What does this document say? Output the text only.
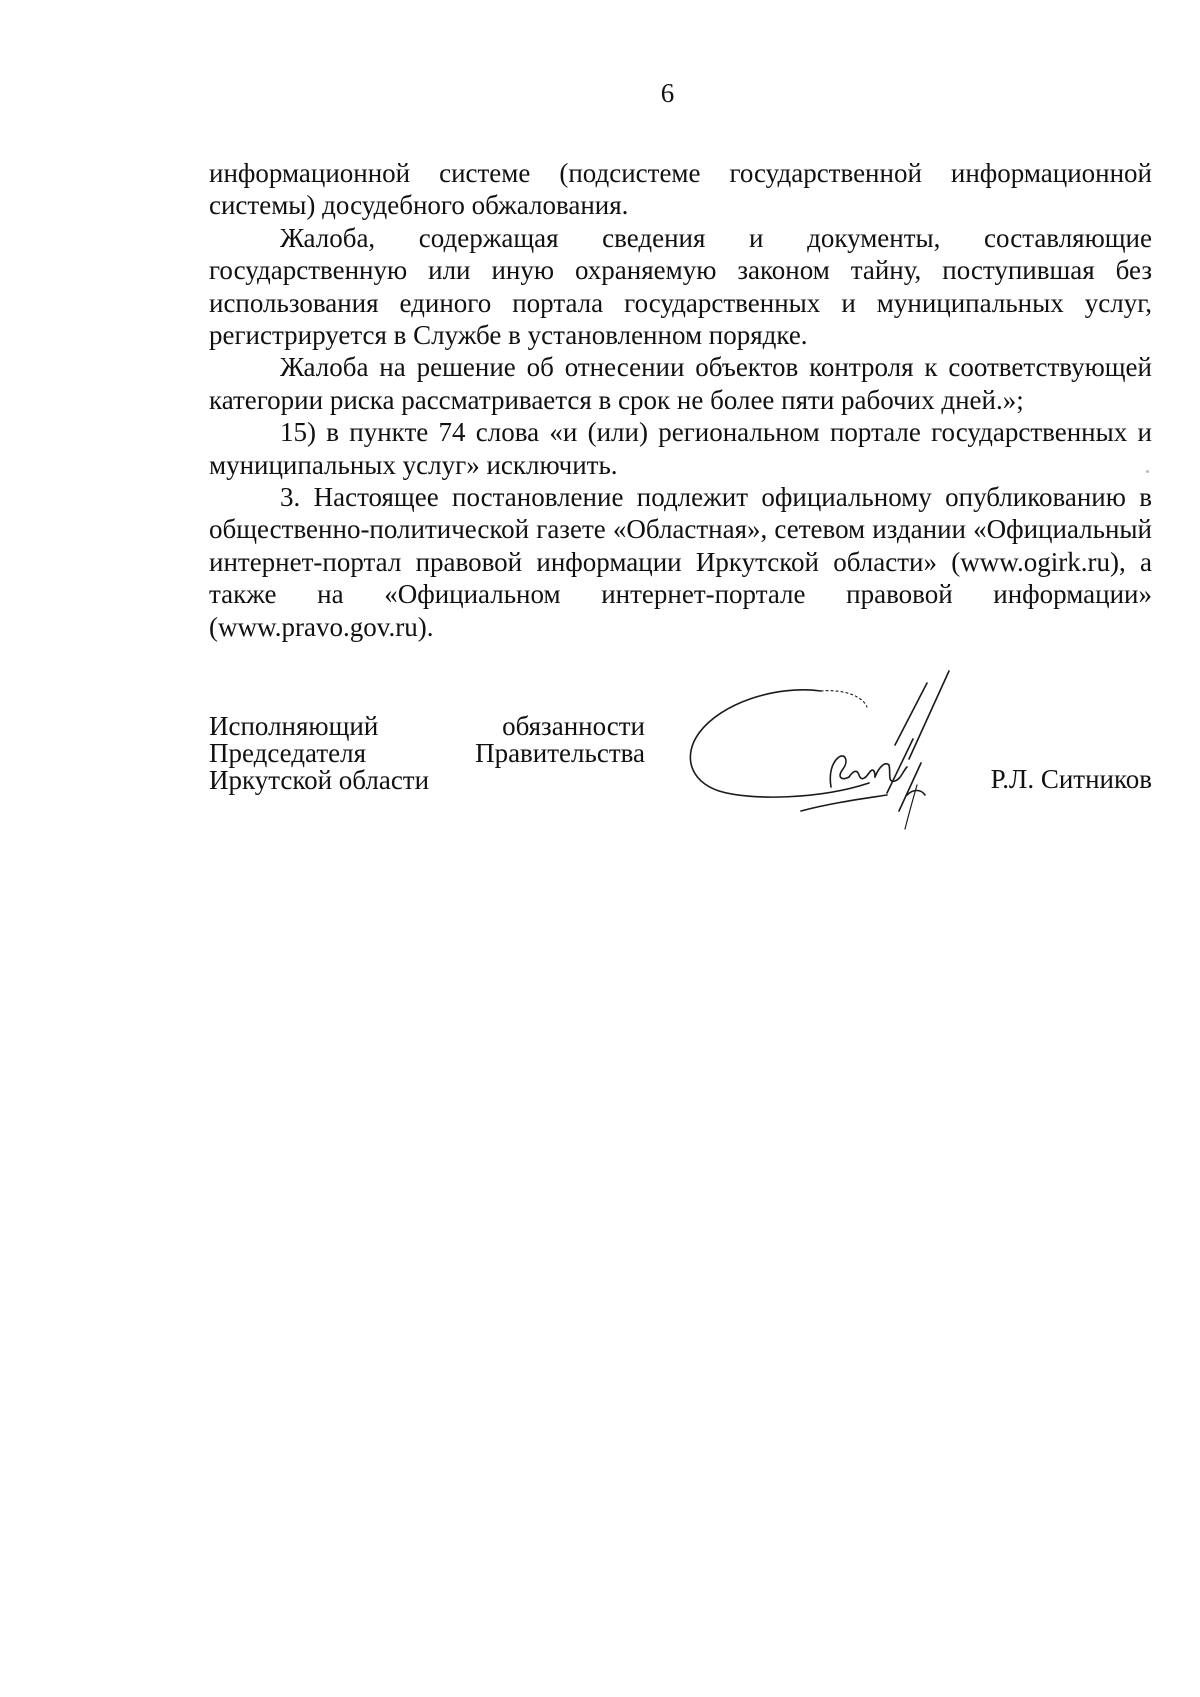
6

информационной системе (подсистеме государственной информационной системы) досудебного обжалования.

Жалоба, содержащая сведения и документы, составляющие государственную или иную охраняемую законом тайну, поступившая без использования единого портала государственных и муниципальных услуг, регистрируется в Службе в установленном порядке.

Жалоба на решение об отнесении объектов контроля к соответствующей категории риска рассматривается в срок не более пяти рабочих дней.»;

15) в пункте 74 слова «и (или) региональном портале государственных и муниципальных услуг» исключить.

3. Настоящее постановление подлежит официальному опубликованию в общественно-политической газете «Областная», сетевом издании «Официальный интернет-портал правовой информации Иркутской области» (www.ogirk.ru), а также на «Официальном интернет-портале правовой информации» (www.pravo.gov.ru).

Исполняющий	обязанности
Председателя	Правительства
Иркутской области	Р.Л. Ситников
